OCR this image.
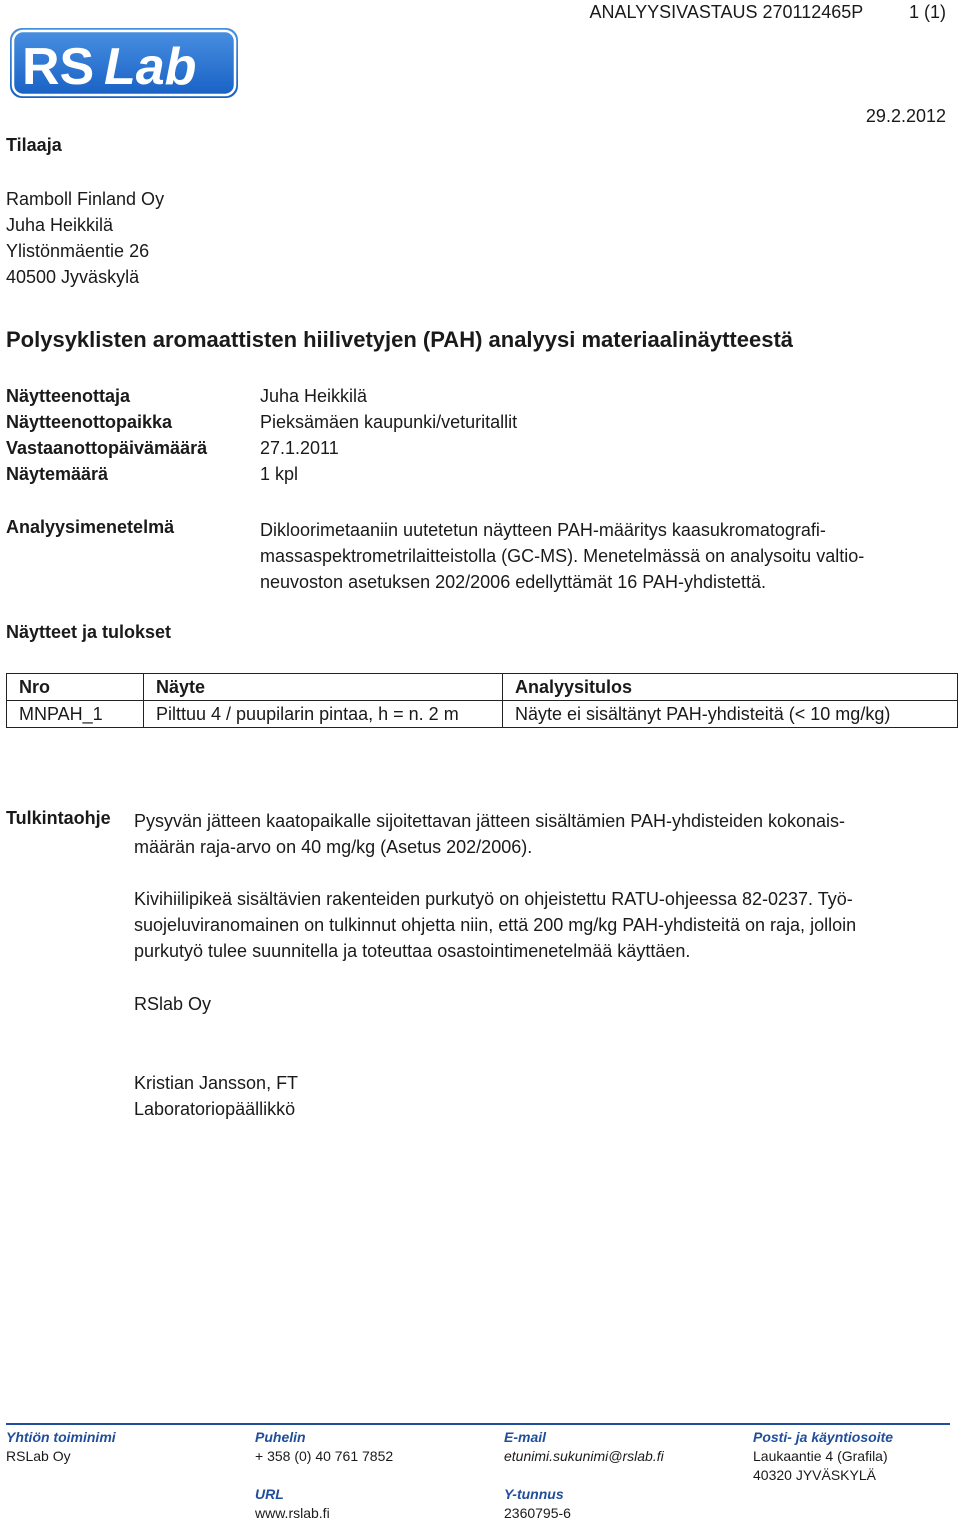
RS Lab
ANALYYSIVASTAUS 270112465P	1 (1)
29.2.2012
Tilaaja

Ramboll Finland Oy

Juha Heikkilä

Ylistönmäentie 26

40500 Jyväskylä

Polysyklisten aromaattisten hiilivetyjen (PAH) analyysi materiaalinäytteestä
Näytteenottaja	Juha Heikkilä
Näytteenottopaikka	Pieksämäen kaupunki/veturitallit
Vastaanottopäivämäärä	27.1.2011
Näytemäärä	1 kpl
Analyysimenetelmä	Dikloorimetaaniin uutetetun näytteen PAH-määritys kaasukromatografi-

massaspektrometrilaitteistolla (GC-MS). Menetelmässä on analysoitu valtio-

neuvoston asetuksen 202/2006 edellyttämät 16 PAH-yhdistettä.

Näytteet ja tulokset
Nro	Näyte	Analyysitulos
MNPAH_1	Pilttuu 4 / puupilarin pintaa, h = n. 2 m	Näyte ei sisältänyt PAH-yhdisteitä (< 10 mg/kg)
Tulkintaohje Pysyvän jätteen kaatopaikalle sijoitettavan jätteen sisältämien PAH-yhdisteiden kokonais-
määrän raja-arvo on 40 mg/kg (Asetus 202/2006).
Kivihiilipikeä sisältävien rakenteiden purkutyö on ohjeistettu RATU-ohjeessa 82-0237. Työ-
suojeluviranomainen on tulkinnut ohjetta niin, että 200 mg/kg PAH-yhdisteitä on raja, jolloin
purkutyö tulee suunnitella ja toteuttaa osastointimenetelmää käyttäen.
RSlab Oy
Kristian Jansson, FT
Laboratoriopäällikkö
Yhtiön toiminimi
RSLab Oy
Puhelin
+ 358 (0) 40 761 7852
URL
www.rslab.fi
E-mail
etunimi.sukunimi@rslab.fi
Y-tunnus
2360795-6
Posti- ja käyntiosoite
Laukaantie 4 (Grafila)
40320 JYVÄSKYLÄ
